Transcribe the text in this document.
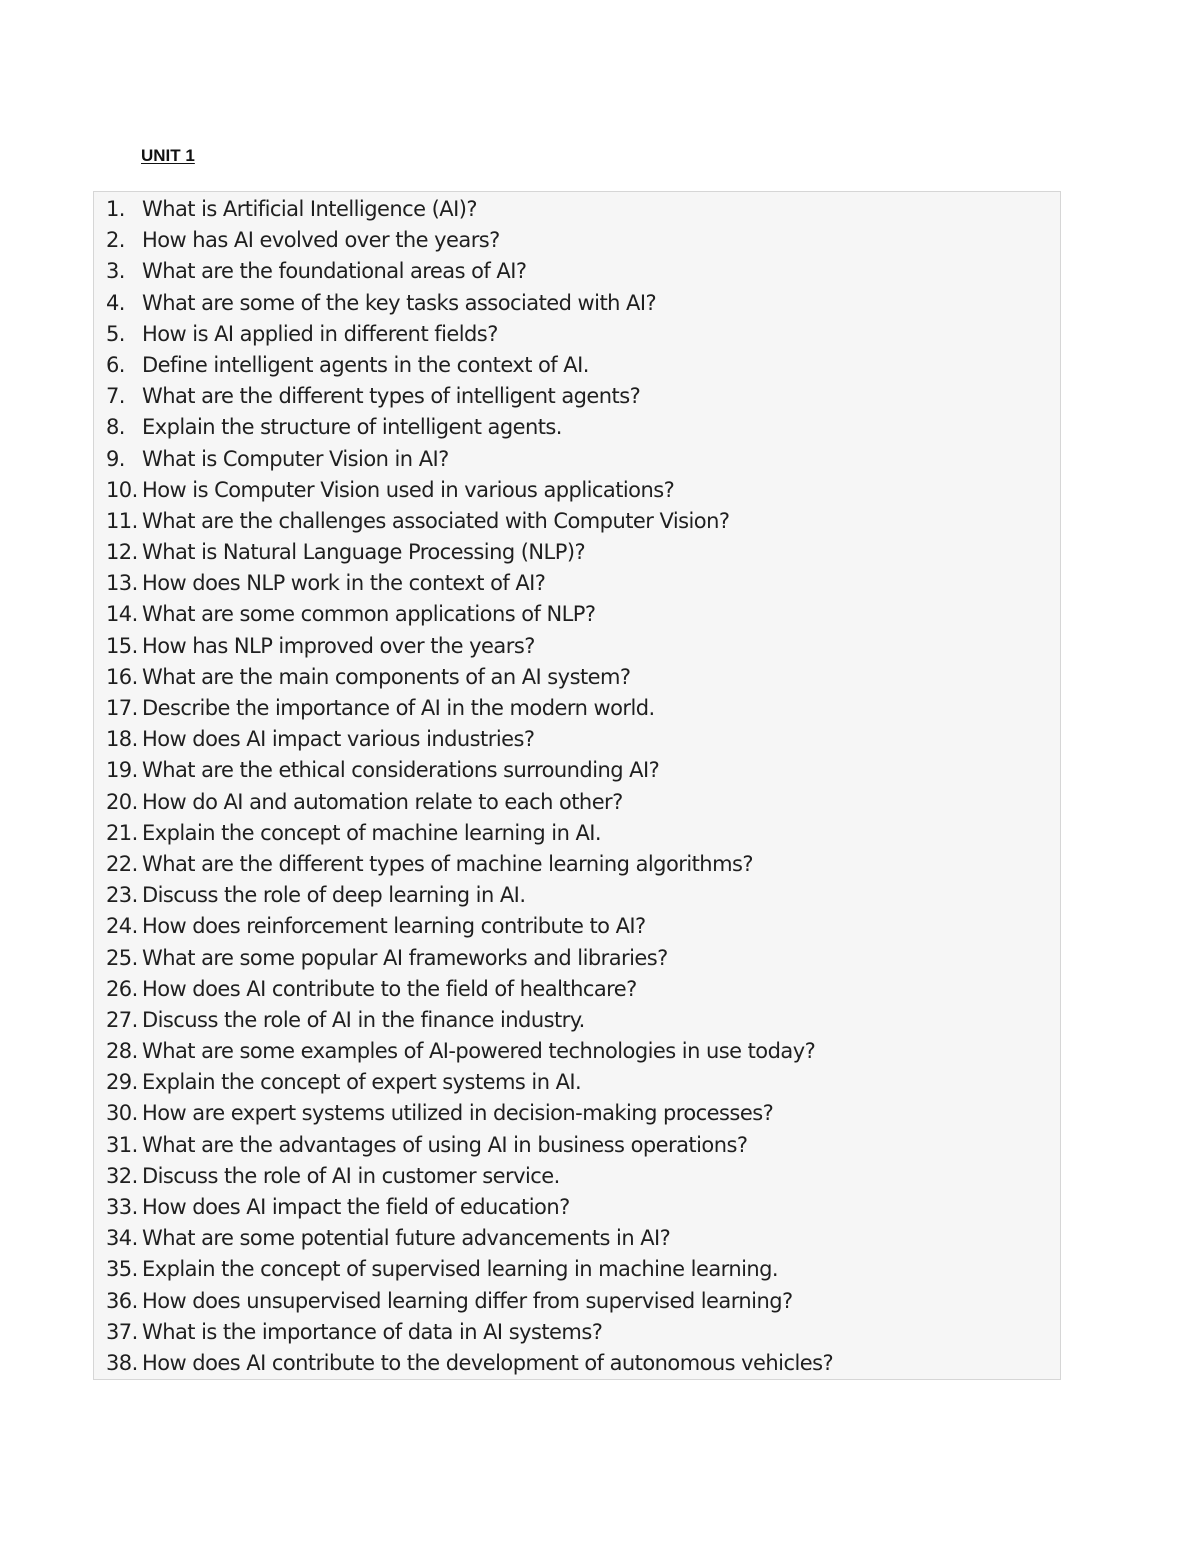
UNIT 1
1. What is Artificial Intelligence (AI)?
2. How has AI evolved over the years?
3. What are the foundational areas of AI?
4. What are some of the key tasks associated with AI?
5. How is AI applied in different fields?
6. Define intelligent agents in the context of AI.
7. What are the different types of intelligent agents?
8. Explain the structure of intelligent agents.
9. What is Computer Vision in AI?
10. How is Computer Vision used in various applications?
11. What are the challenges associated with Computer Vision?
12. What is Natural Language Processing (NLP)?
13. How does NLP work in the context of AI?
14. What are some common applications of NLP?
15. How has NLP improved over the years?
16. What are the main components of an AI system?
17. Describe the importance of AI in the modern world.
18. How does AI impact various industries?
19. What are the ethical considerations surrounding AI?
20. How do AI and automation relate to each other?
21. Explain the concept of machine learning in AI.
22. What are the different types of machine learning algorithms?
23. Discuss the role of deep learning in AI.
24. How does reinforcement learning contribute to AI?
25. What are some popular AI frameworks and libraries?
26. How does AI contribute to the field of healthcare?
27. Discuss the role of AI in the finance industry.
28. What are some examples of AI-powered technologies in use today?
29. Explain the concept of expert systems in AI.
30. How are expert systems utilized in decision-making processes?
31. What are the advantages of using AI in business operations?
32. Discuss the role of AI in customer service.
33. How does AI impact the field of education?
34. What are some potential future advancements in AI?
35. Explain the concept of supervised learning in machine learning.
36. How does unsupervised learning differ from supervised learning?
37. What is the importance of data in AI systems?
38. How does AI contribute to the development of autonomous vehicles?
